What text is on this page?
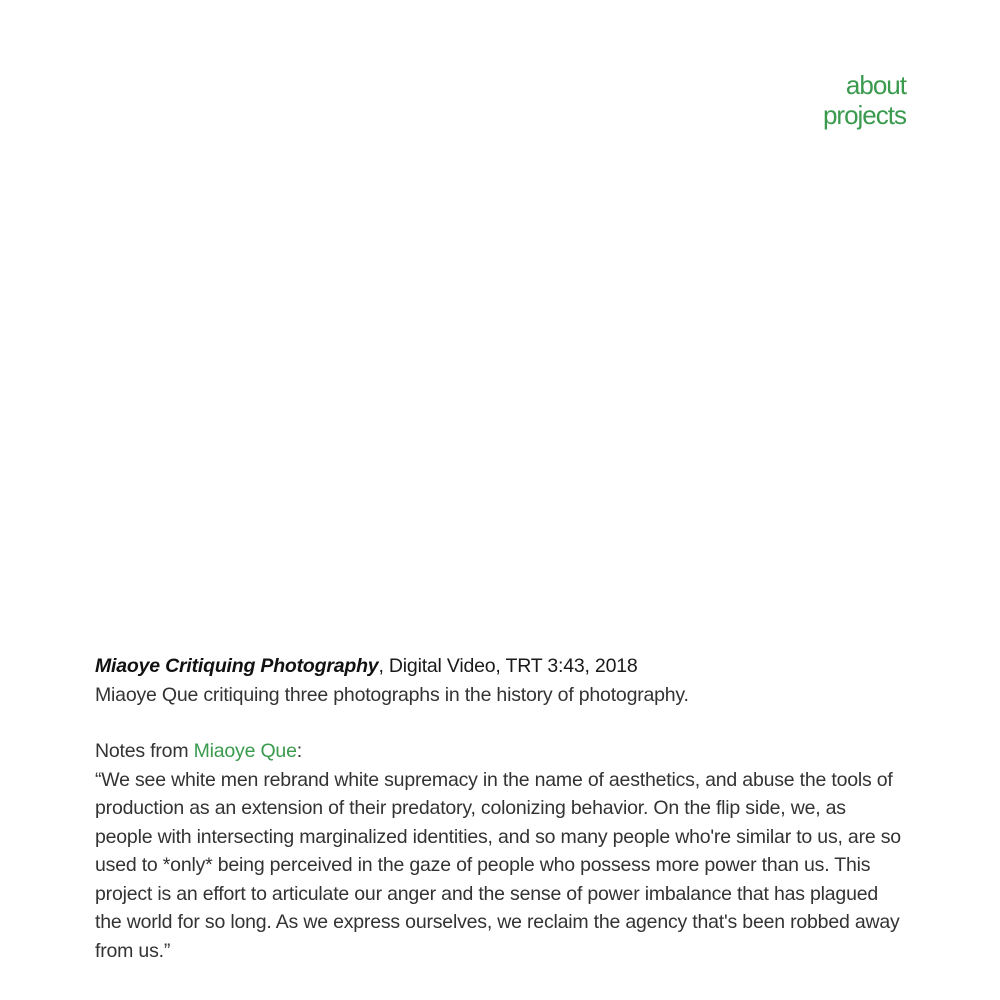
about
projects

Miaoye Critiquing Photography, Digital Video, TRT 3:43, 2018

Miaoye Que critiquing three photographs in the history of photography.

Notes from Miaoye Que:

“We see white men rebrand white supremacy in the name of aesthetics, and abuse the tools of production as an extension of their predatory, colonizing behavior. On the flip side, we, as people with intersecting marginalized identities, and so many people who're similar to us, are so used to *only* being perceived in the gaze of people who possess more power than us. This project is an effort to articulate our anger and the sense of power imbalance that has plagued the world for so long. As we express ourselves, we reclaim the agency that's been robbed away from us.”
